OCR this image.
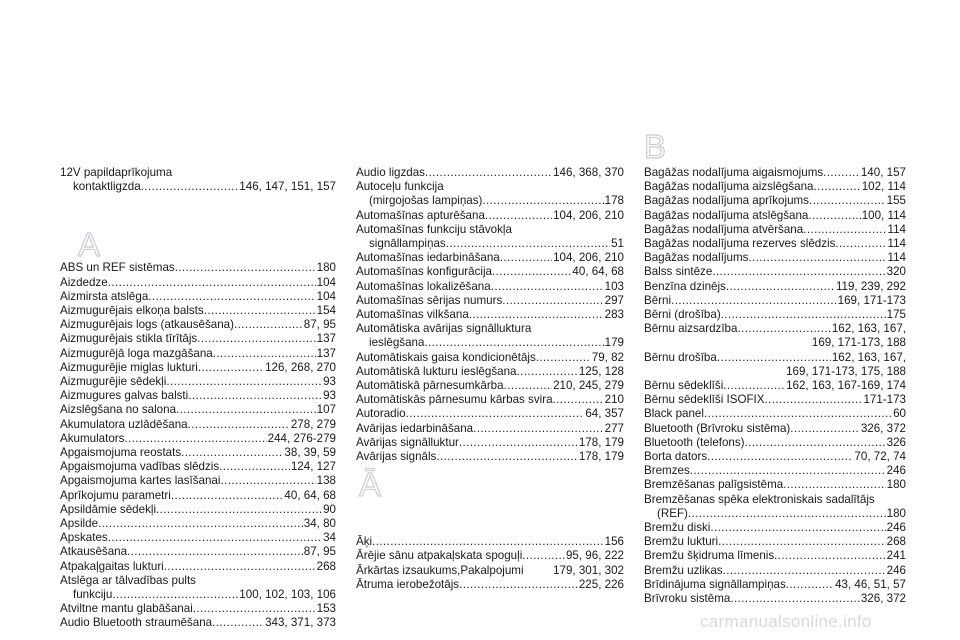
A
Ā
B
12V papildaprīkojuma
kontaktligzda .....	146, 147, 151, 157
ABS un REF sistēmas .....	180
Aizdedze .....	104
Aizmirsta atslēga .....	104
Aizmugurējais elkoņa balsts .....	154
Aizmugurējais logs (atkausēšana) .....	87, 95
Aizmugurējais stikla tīrītājs .....	137
Aizmugurējā loga mazgāšana .....	137
Aizmugurējie miglas lukturi .....	126, 268, 270
Aizmugurējie sēdekļi .....	93
Aizmugures galvas balsti .....	93
Aizslēgšana no salona .....	107
Akumulatora uzlādēšana .....	278, 279
Akumulators .....	244, 276-279
Apgaismojuma reostats .....	38, 39, 59
Apgaismojuma vadības slēdzis .....	124, 127
Apgaismojuma kartes lasīšanai .....	138
Aprīkojumu parametri .....	40, 64, 68
Apsildāmie sēdekļi .....	90
Apsilde .....	34, 80
Apskates .....	34
Atkausēšana .....	87, 95
Atpakaļgaitas lukturi .....	268
Atslēga ar tālvadības pults
funkciju .....	100, 102, 103, 106
Atviltne mantu glabāšanai .....	153
Audio Bluetooth straumēšana .....	343, 371, 373
Audio ligzdas .....	146, 368, 370
Autoceļu funkcija
(mirgojošas lampiņas) .....	178
Automašīnas apturēšana .....	104, 206, 210
Automašīnas funkciju stāvokļa
signāllampiņas .....	51
Automašīnas iedarbināšana .....	104, 206, 210
Automašīnas konfigurācija .....	40, 64, 68
Automašīnas lokalizēšana .....	103
Automašīnas sērijas numurs .....	297
Automašīnas vilkšana .....	283
Automātiska avārijas signālluktura
ieslēgšana .....	179
Automātiskais gaisa kondicionētājs .....	79, 82
Automātiskā lukturu ieslēgšana .....	125, 128
Automātiskā pārnesumkārba .....	210, 245, 279
Automātiskās pārnesumu kārbas svira .....	210
Autoradio .....	64, 357
Avārijas iedarbināšana .....	277
Avārijas signālluktur .....	178, 179
Avārijas signāls .....	178, 179
Āķi .....	156
Ārējie sānu atpakaļskata spoguļi .....	95, 96, 222
Ārkārtas izsaukums,Pakalpojumi	179, 301, 302
Ātruma ierobežotājs .....	225, 226
Bagāžas nodalījuma aigaismojums .....	140, 157
Bagāžas nodalījuma aizslēgšana .....	102, 114
Bagāžas nodalījuma aprīkojums .....	155
Bagāžas nodalījuma atslēgšana .....	100, 114
Bagāžas nodalījuma atvēršana .....	114
Bagāžas nodalījuma rezerves slēdzis .....	114
Bagāžas nodalījums .....	114
Balss sintēze .....	320
Benzīna dzinējs .....	119, 239, 292
Bērni .....	169, 171-173
Bērni (drošība) .....	175
Bērnu aizsardzība .....	162, 163, 167,
169, 171-173, 188
Bērnu drošība .....	162, 163, 167,
169, 171-173, 175, 188
Bērnu sēdeklīši .....	162, 163, 167-169, 174
Bērnu sēdeklīši ISOFIX .....	171-173
Black panel .....	60
Bluetooth (Brīvroku sistēma) .....	326, 372
Bluetooth (telefons) .....	326
Borta dators .....	70, 72, 74
Bremzes .....	246
Bremzēšanas palīgsistēma .....	180
Bremzēšanas spēka elektroniskais sadalītājs
(REF) .....	180
Bremžu diski .....	246
Bremžu lukturi .....	268
Bremžu šķidruma līmenis .....	241
Bremžu uzlikas .....	246
Brīdinājuma signāllampiņas .....	43, 46, 51, 57
Brīvroku sistēma .....	326, 372
carmanualsonline.info
